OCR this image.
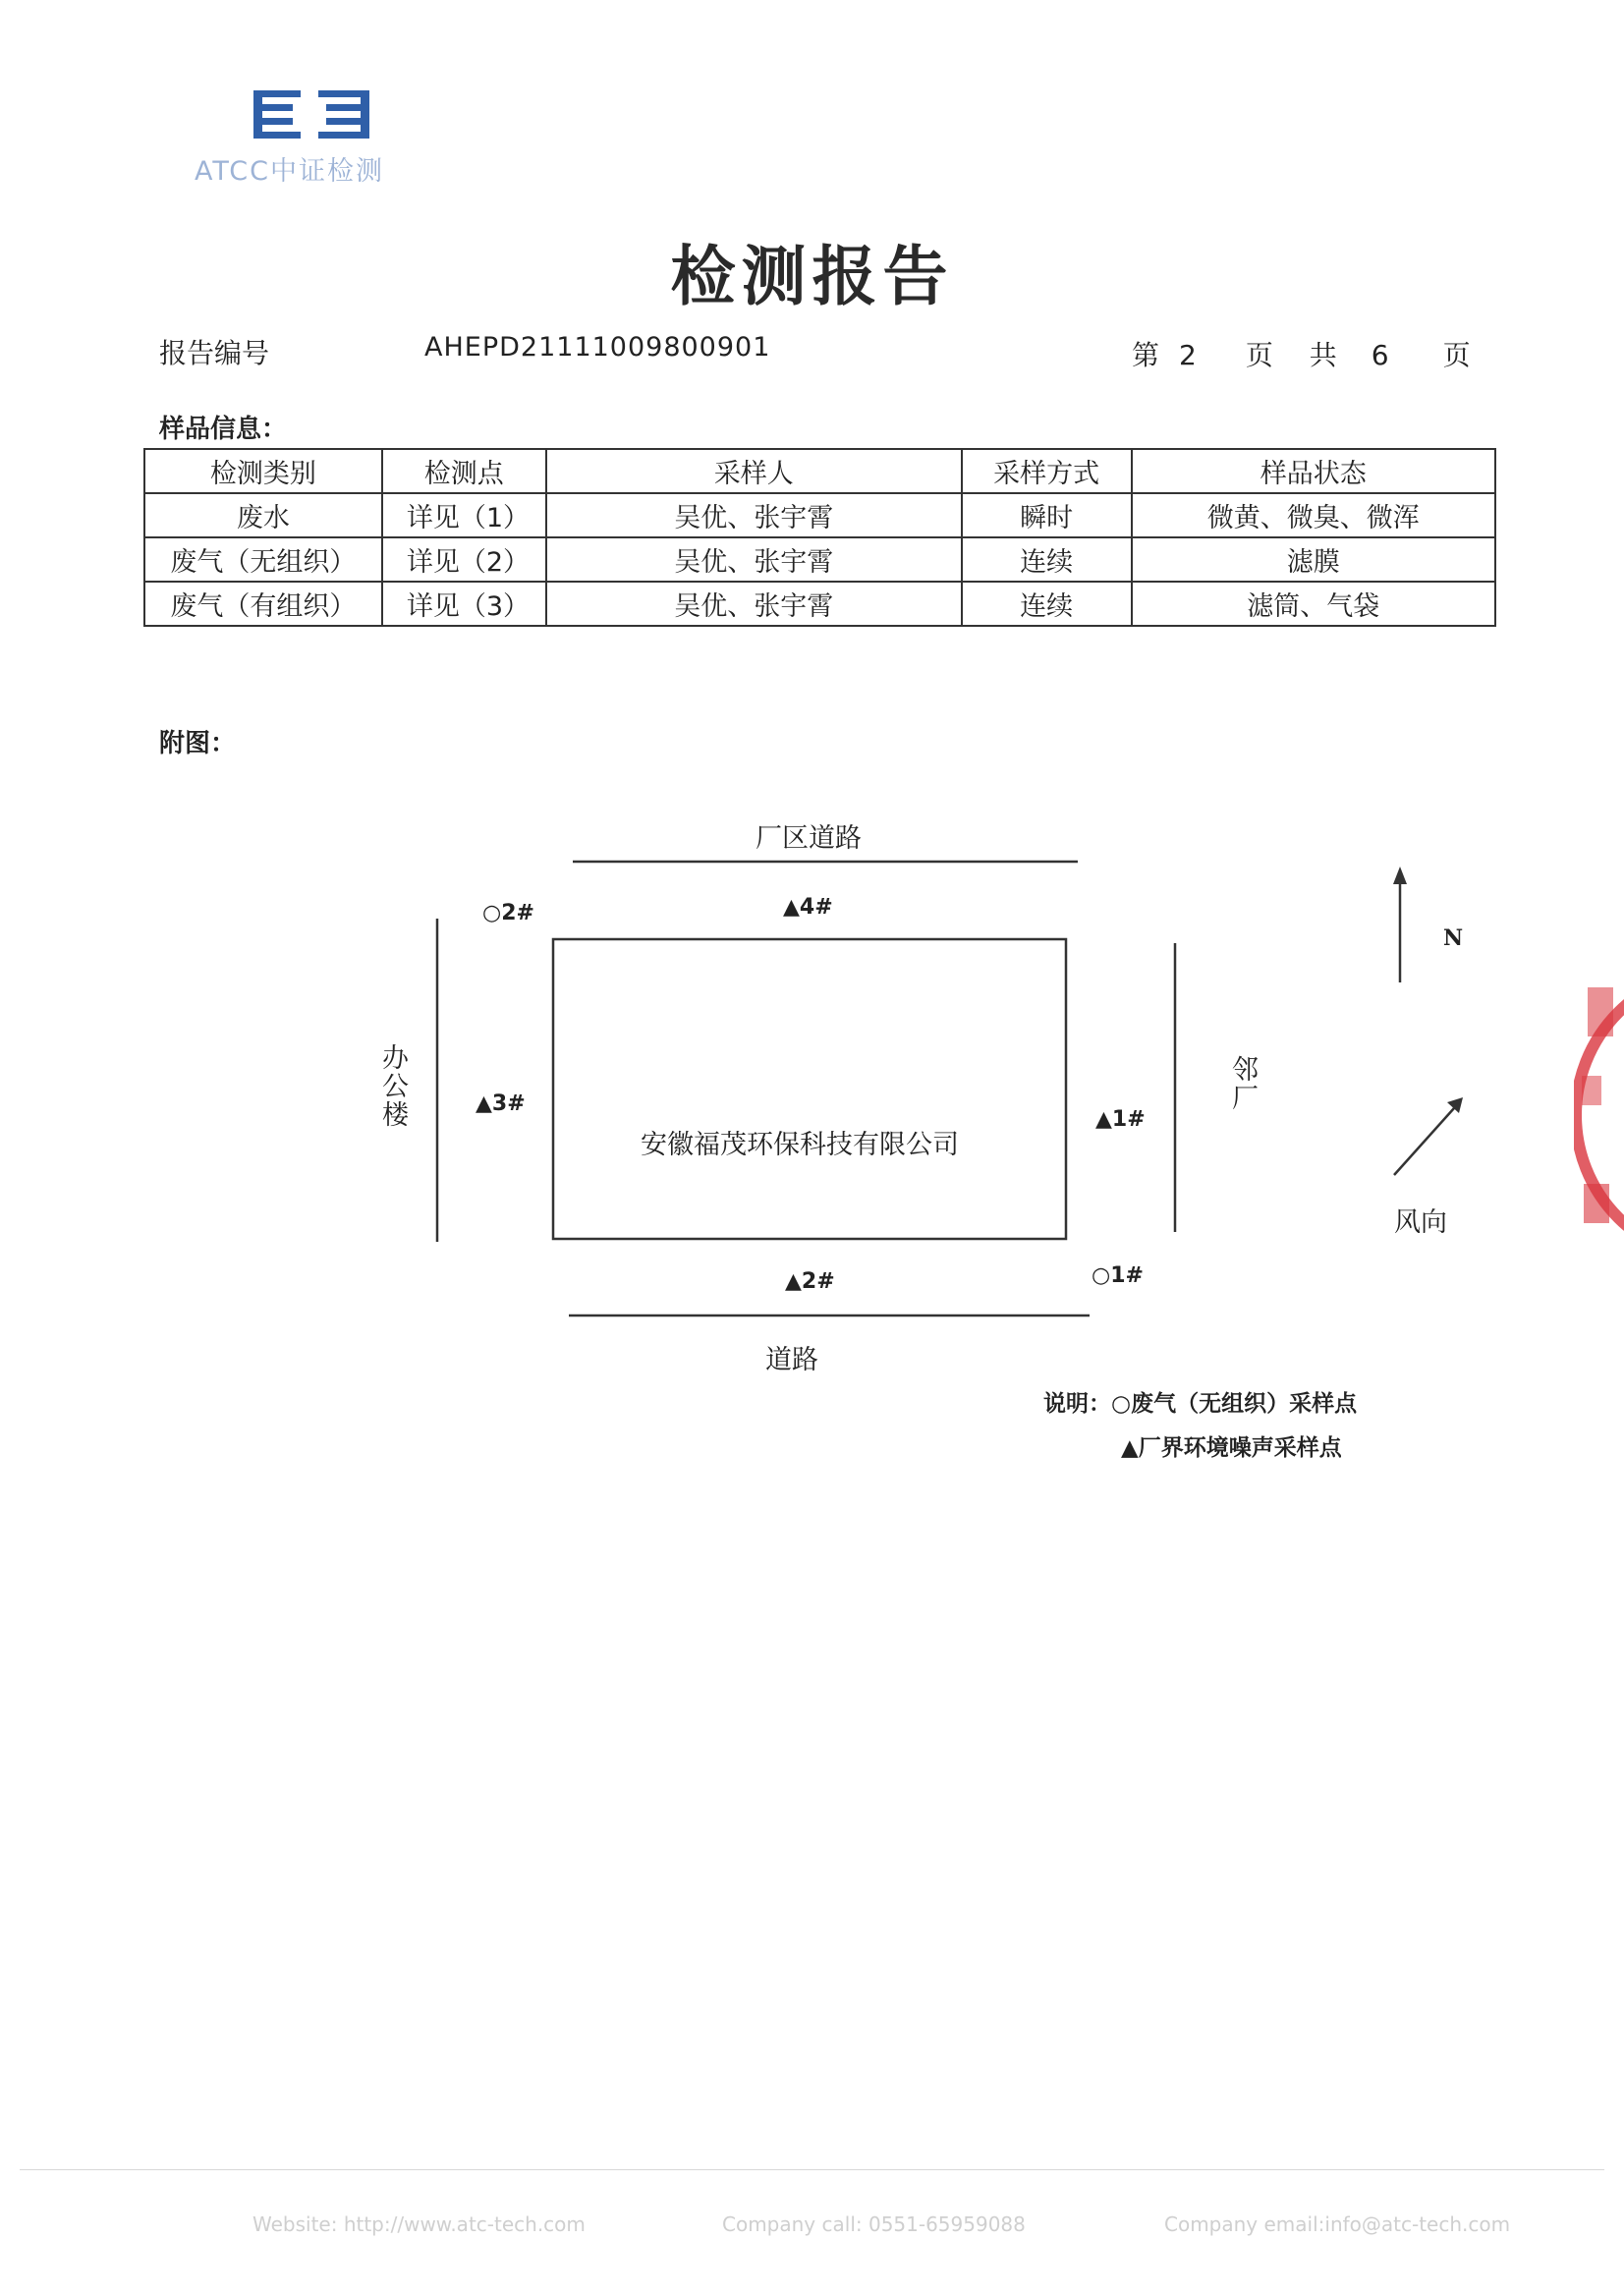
ATCC中证检测
检测报告
报告编号	AHEPD21111009800901	第 2 页 共 6 页
样品信息：
检测类别	检测点	采样人	采样方式	样品状态
废水	详见（1）	吴优、张宇霄	瞬时	微黄、微臭、微浑
废气（无组织）	详见（2）	吴优、张宇霄	连续	滤膜
废气（有组织）	详见（3）	吴优、张宇霄	连续	滤筒、气袋
附图：
厂区道路
道路
办公楼	邻厂
安徽福茂环保科技有限公司
N
风向
○2#	▲4#
▲3#
▲1#
▲2#	○1#
说明：○废气（无组织）采样点
▲厂界环境噪声采样点
Website: http://www.atc-tech.com	Company call: 0551-65959088	Company email:info@atc-tech.com
